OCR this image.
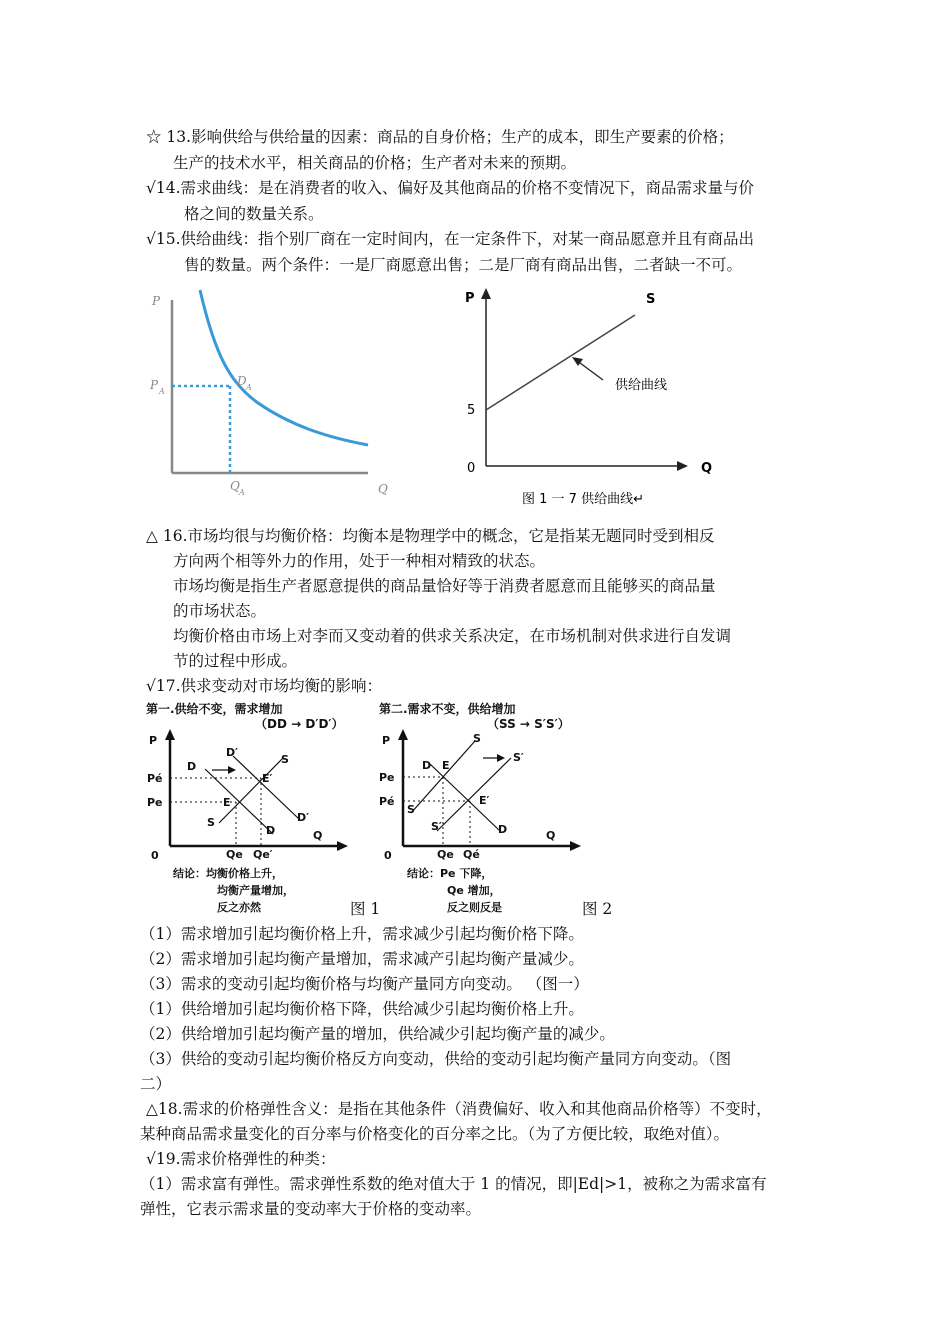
☆ 13.影响供给与供给量的因素：商品的自身价格；生产的成本，即生产要素的价格；
生产的技术水平，相关商品的价格；生产者对未来的预期。
√14.需求曲线：是在消费者的收入、偏好及其他商品的价格不变情况下，商品需求量与价
格之间的数量关系。
√15.供给曲线：指个别厂商在一定时间内，在一定条件下，对某一商品愿意并且有商品出
售的数量。两个条件：一是厂商愿意出售；二是厂商有商品出售，二者缺一不可。
P
Q
P A
Q A
D A
P
Q
S
5
0
供给曲线
图 1 一 7 供给曲线↵
△ 16.市场均很与均衡价格：均衡本是物理学中的概念，它是指某无题同时受到相反
方向两个相等外力的作用，处于一种相对精致的状态。
市场均衡是指生产者愿意提供的商品量恰好等于消费者愿意而且能够买的商品量
的市场状态。
均衡价格由市场上对李而又变动着的供求关系决定，在市场机制对供求进行自发调
节的过程中形成。
√17.供求变动对市场均衡的影响：
第一.供给不变，需求增加
（DD → D′D′）
P
Q
0
Pé
Pe
D
D′
S
S
D
D′
E
E′
Qe Qe′
结论：均衡价格上升，
均衡产量增加，
反之亦然	图 1
第二.需求不变，供给增加
（SS → S′S′）
P
Q
0
Pe
Pé
D
S
S′
S
S′	D
E
E′
Qe Qé
结论：Pe 下降，
Qe 增加，
反之则反是	图 2
（1）需求增加引起均衡价格上升，需求减少引起均衡价格下降。
（2）需求增加引起均衡产量增加，需求减产引起均衡产量减少。
（3）需求的变动引起均衡价格与均衡产量同方向变动。 （图一）
（1）供给增加引起均衡价格下降，供给减少引起均衡价格上升。
（2）供给增加引起均衡产量的增加，供给减少引起均衡产量的减少。
（3）供给的变动引起均衡价格反方向变动，供给的变动引起均衡产量同方向变动。（图
二）
△18.需求的价格弹性含义：是指在其他条件（消费偏好、收入和其他商品价格等）不变时，
某种商品需求量变化的百分率与价格变化的百分率之比。（为了方便比较，取绝对值）。
√19.需求价格弹性的种类：
（1）需求富有弹性。需求弹性系数的绝对值大于 1 的情况，即|Ed|>1，被称之为需求富有
弹性，它表示需求量的变动率大于价格的变动率。
